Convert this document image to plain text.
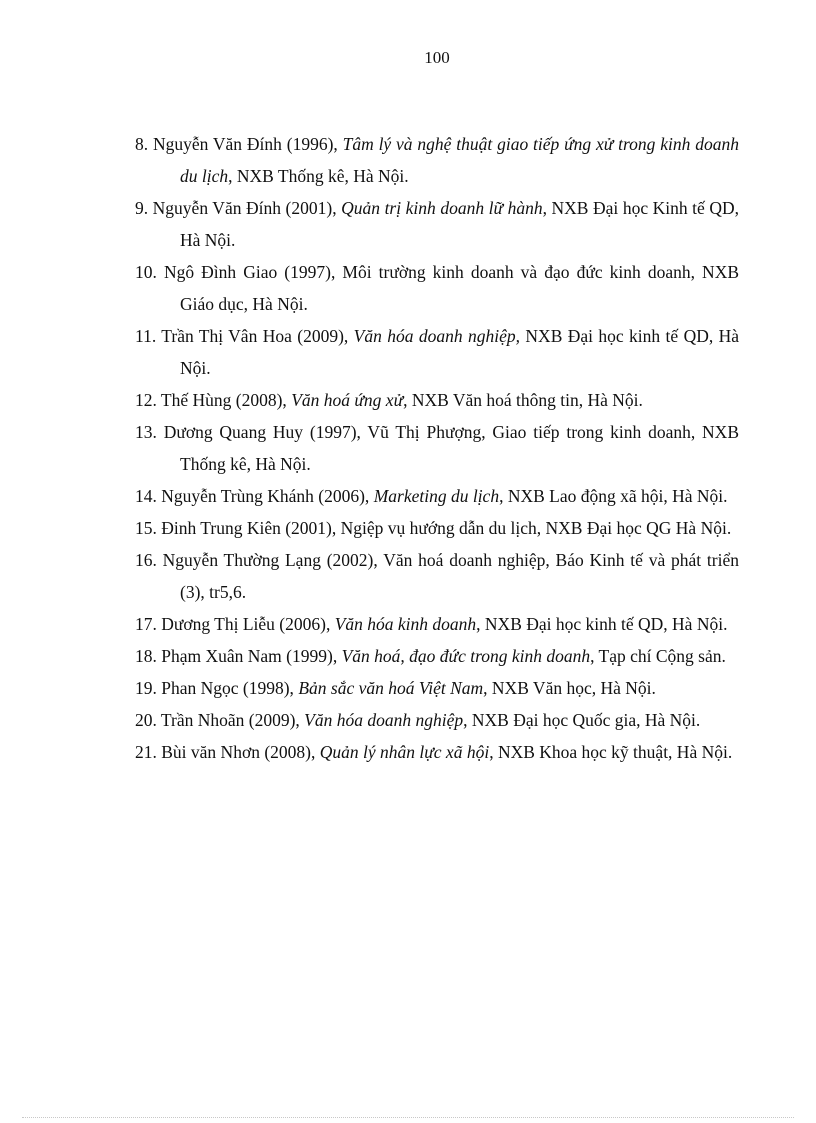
100
8. Nguyễn Văn Đính (1996), Tâm lý và nghệ thuật giao tiếp ứng xử trong kinh doanh du lịch, NXB Thống kê, Hà Nội.
9. Nguyễn Văn Đính (2001), Quản trị kinh doanh lữ hành, NXB Đại học Kinh tế QD, Hà Nội.
10. Ngô Đình Giao (1997), Môi trường kinh doanh và đạo đức kinh doanh, NXB Giáo dục, Hà Nội.
11. Trần Thị Vân Hoa (2009), Văn hóa doanh nghiệp, NXB Đại học kinh tế QD, Hà Nội.
12. Thế Hùng (2008), Văn hoá ứng xử, NXB Văn hoá thông tin, Hà Nội.
13. Dương Quang Huy (1997), Vũ Thị Phượng, Giao tiếp trong kinh doanh, NXB Thống kê, Hà Nội.
14. Nguyễn Trùng Khánh (2006), Marketing du lịch, NXB Lao động xã hội, Hà Nội.
15. Đinh Trung Kiên (2001), Ngiệp vụ hướng dẫn du lịch, NXB Đại học QG Hà Nội.
16. Nguyễn Thường Lạng (2002), Văn hoá doanh nghiệp, Báo Kinh tế và phát triển (3), tr5,6.
17. Dương Thị Liễu (2006), Văn hóa kinh doanh, NXB Đại học kinh tế QD, Hà Nội.
18. Phạm Xuân Nam (1999), Văn hoá, đạo đức trong kinh doanh, Tạp chí Cộng sản.
19. Phan Ngọc (1998), Bản sắc văn hoá Việt Nam, NXB Văn học, Hà Nội.
20. Trần Nhoãn (2009), Văn hóa doanh nghiệp, NXB Đại học Quốc gia, Hà Nội.
21. Bùi văn Nhơn (2008), Quản lý nhân lực xã hội, NXB Khoa học kỹ thuật, Hà Nội.
